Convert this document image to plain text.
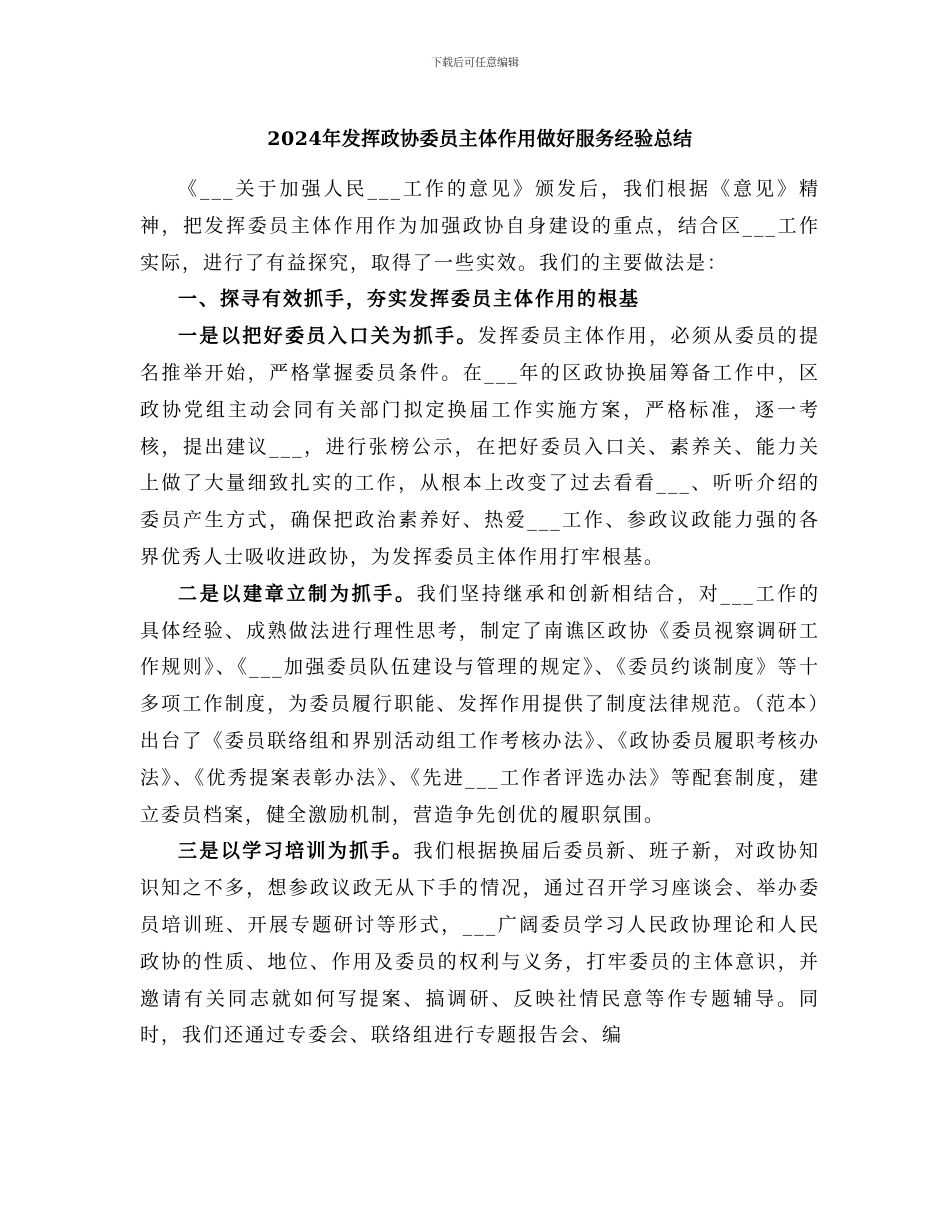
下载后可任意编辑
2024年发挥政协委员主体作用做好服务经验总结

《___关于加强人民___工作的意见》颁发后，我们根据《意见》精神，把发挥委员主体作用作为加强政协自身建设的重点，结合区___工作实际，进行了有益探究，取得了一些实效。我们的主要做法是：

一、探寻有效抓手，夯实发挥委员主体作用的根基

一是以把好委员入口关为抓手。发挥委员主体作用，必须从委员的提名推举开始，严格掌握委员条件。在___年的区政协换届筹备工作中，区政协党组主动会同有关部门拟定换届工作实施方案，严格标准，逐一考核，提出建议___，进行张榜公示，在把好委员入口关、素养关、能力关上做了大量细致扎实的工作，从根本上改变了过去看看___、听听介绍的委员产生方式，确保把政治素养好、热爱___工作、参政议政能力强的各界优秀人士吸收进政协，为发挥委员主体作用打牢根基。

二是以建章立制为抓手。我们坚持继承和创新相结合，对___工作的具体经验、成熟做法进行理性思考，制定了南谯区政协《委员视察调研工作规则》、《___加强委员队伍建设与管理的规定》、《委员约谈制度》等十多项工作制度，为委员履行职能、发挥作用提供了制度法律规范。（范本）出台了《委员联络组和界别活动组工作考核办法》、《政协委员履职考核办法》、《优秀提案表彰办法》、《先进___工作者评选办法》等配套制度，建立委员档案，健全激励机制，营造争先创优的履职氛围。

三是以学习培训为抓手。我们根据换届后委员新、班子新，对政协知识知之不多，想参政议政无从下手的情况，通过召开学习座谈会、举办委员培训班、开展专题研讨等形式，___广阔委员学习人民政协理论和人民政协的性质、地位、作用及委员的权利与义务，打牢委员的主体意识，并邀请有关同志就如何写提案、搞调研、反映社情民意等作专题辅导。同时，我们还通过专委会、联络组进行专题报告会、编
